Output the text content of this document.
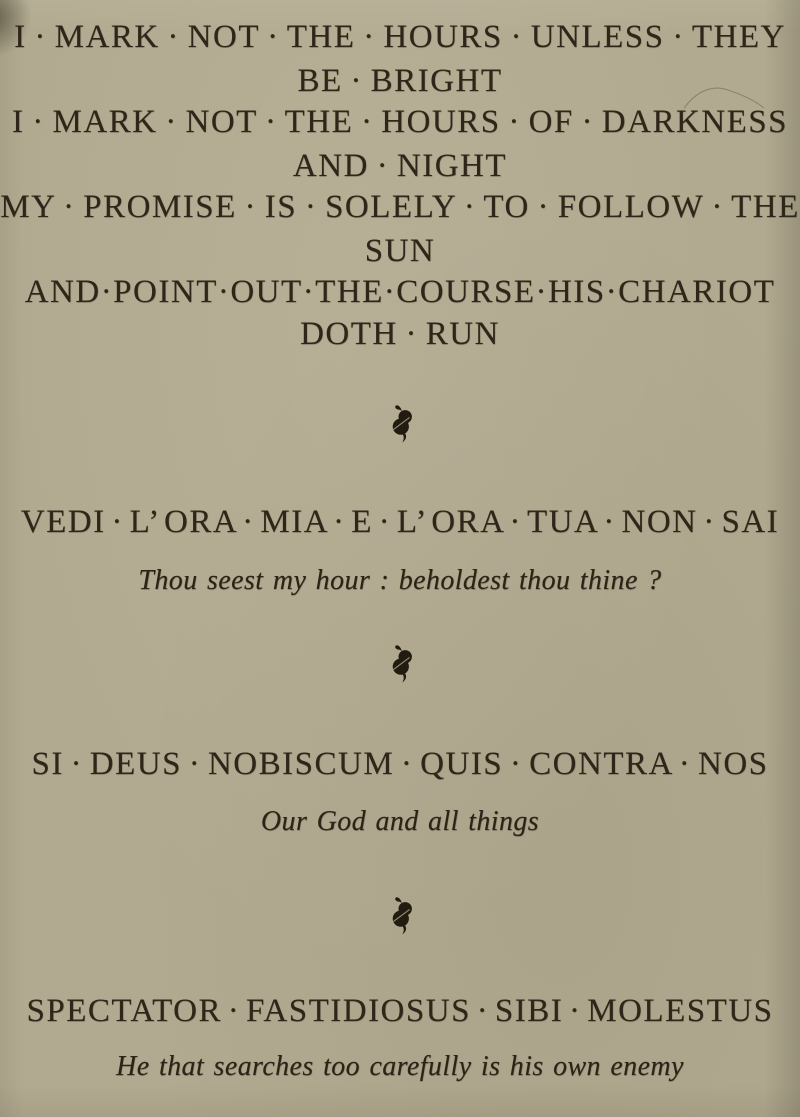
I · MARK · NOT · THE · HOURS · UNLESS · THEY

BE · BRIGHT

I · MARK · NOT · THE · HOURS · OF · DARKNESS

AND · NIGHT

MY · PROMISE · IS · SOLELY · TO · FOLLOW · THE

SUN

AND·POINT·OUT·THE·COURSE·HIS·CHARIOT

DOTH · RUN

VEDI · L’ ORA · MIA · E · L’ ORA · TUA · NON · SAI

Thou seest my hour : beholdest thou thine ?

SI · DEUS · NOBISCUM · QUIS · CONTRA · NOS

Our God and all things

SPECTATOR · FASTIDIOSUS · SIBI · MOLESTUS

He that searches too carefully is his own enemy
